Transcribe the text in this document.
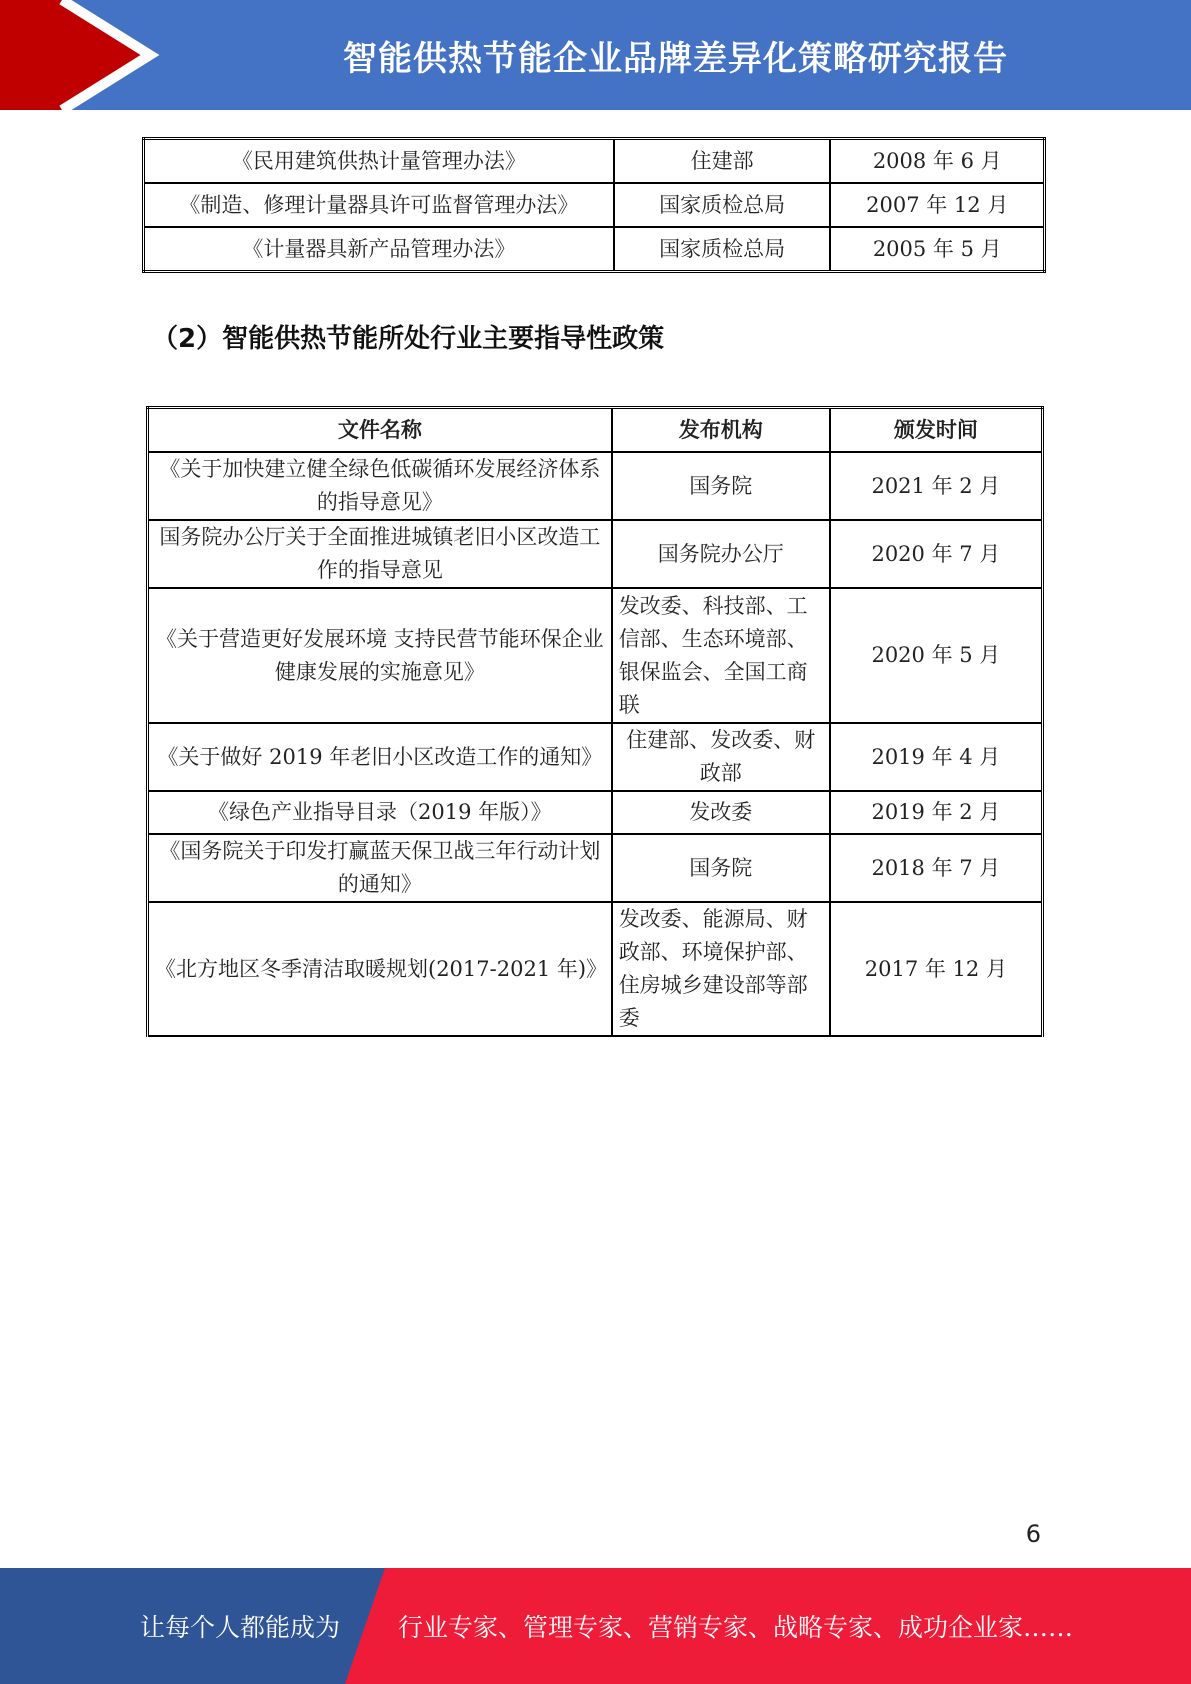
智能供热节能企业品牌差异化策略研究报告
《民用建筑供热计量管理办法》	住建部	2008 年 6 月
《制造、修理计量器具许可监督管理办法》	国家质检总局	2007 年 12 月
《计量器具新产品管理办法》	国家质检总局	2005 年 5 月
（2）智能供热节能所处行业主要指导性政策
文件名称	发布机构	颁发时间
《关于加快建立健全绿色低碳循环发展经济体系的指导意见》	国务院	2021 年 2 月
国务院办公厅关于全面推进城镇老旧小区改造工作的指导意见	国务院办公厅	2020 年 7 月
《关于营造更好发展环境 支持民营节能环保企业健康发展的实施意见》	发改委、科技部、工信部、生态环境部、银保监会、全国工商联	2020 年 5 月
《关于做好 2019 年老旧小区改造工作的通知》	住建部、发改委、财政部	2019 年 4 月
《绿色产业指导目录（2019 年版）》	发改委	2019 年 2 月
《国务院关于印发打赢蓝天保卫战三年行动计划的通知》	国务院	2018 年 7 月
《北方地区冬季清洁取暖规划(2017-2021 年)》	发改委、能源局、财政部、环境保护部、住房城乡建设部等部委	2017 年 12 月
6
让每个人都能成为 行业专家、管理专家、营销专家、战略专家、成功企业家……
